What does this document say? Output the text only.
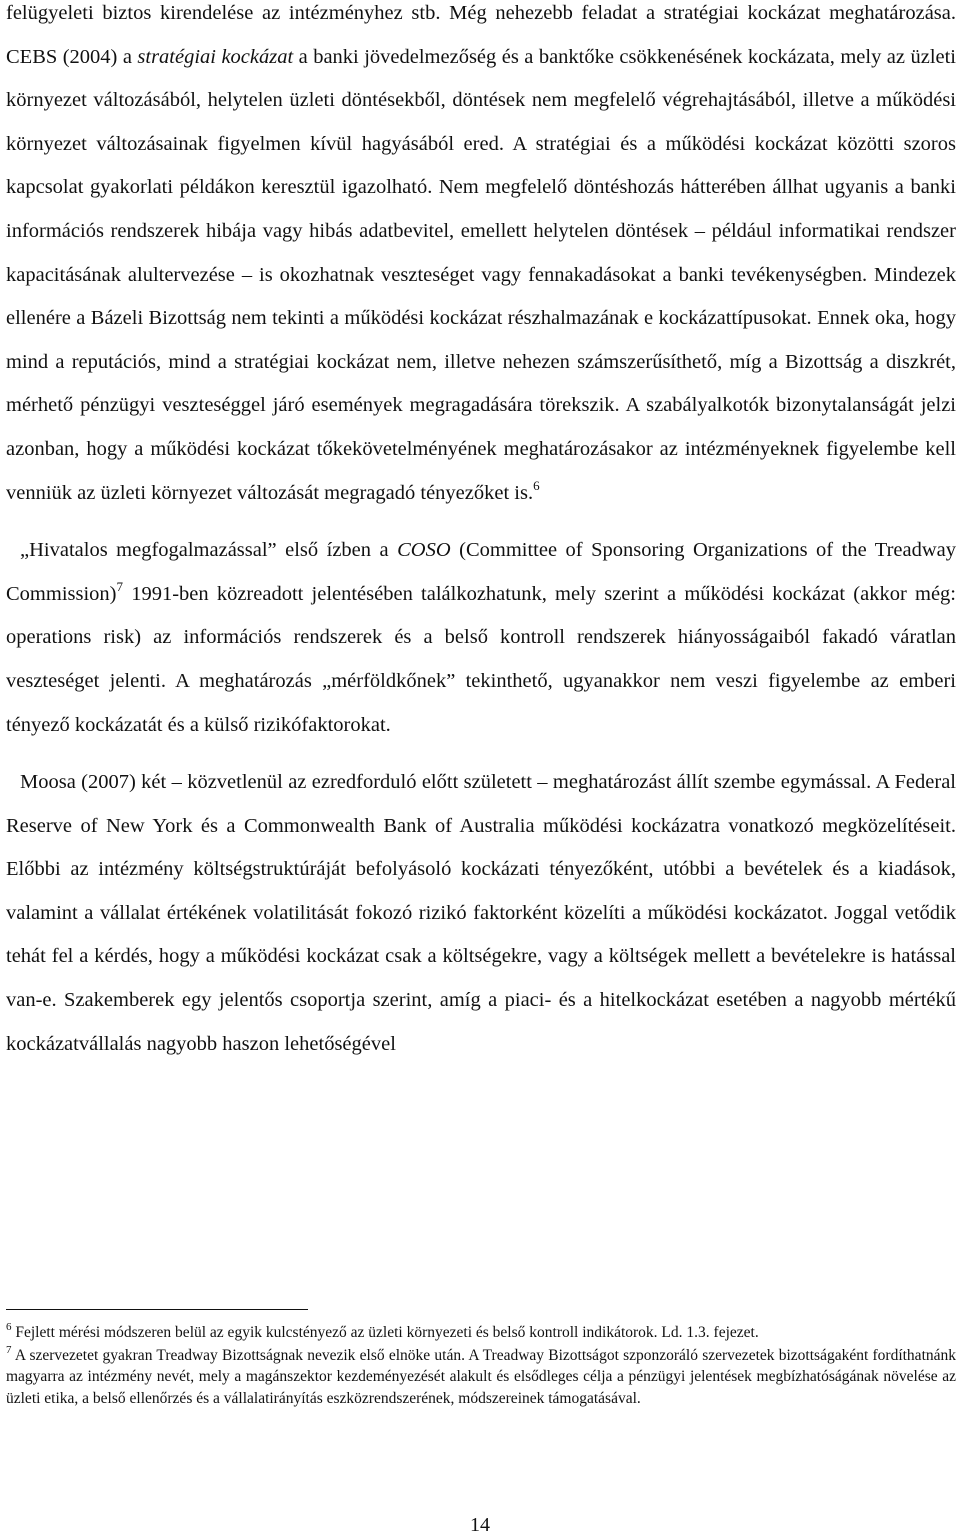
felügyeleti biztos kirendelése az intézményhez stb. Még nehezebb feladat a stratégiai kockázat meghatározása. CEBS (2004) a stratégiai kockázat a banki jövedelmezőség és a banktőke csökkenésének kockázata, mely az üzleti környezet változásából, helytelen üzleti döntésekből, döntések nem megfelelő végrehajtásából, illetve a működési környezet változásainak figyelmen kívül hagyásából ered. A stratégiai és a működési kockázat közötti szoros kapcsolat gyakorlati példákon keresztül igazolható. Nem megfelelő döntéshozás hátterében állhat ugyanis a banki információs rendszerek hibája vagy hibás adatbevitel, emellett helytelen döntések – például informatikai rendszer kapacitásának alultervezése – is okozhatnak veszteséget vagy fennakadásokat a banki tevékenységben. Mindezek ellenére a Bázeli Bizottság nem tekinti a működési kockázat részhalmazának e kockázattípusokat. Ennek oka, hogy mind a reputációs, mind a stratégiai kockázat nem, illetve nehezen számszerűsíthető, míg a Bizottság a diszkrét, mérhető pénzügyi veszteséggel járó események megragadására törekszik. A szabályalkotók bizonytalanságát jelzi azonban, hogy a működési kockázat tőkekövetelményének meghatározásakor az intézményeknek figyelembe kell venniük az üzleti környezet változását megragadó tényezőket is.$^6$

„Hivatalos megfogalmazással” első ízben a COSO (Committee of Sponsoring Organizations of the Treadway Commission)$^7$ 1991-ben közreadott jelentésében találkozhatunk, mely szerint a működési kockázat (akkor még: operations risk) az információs rendszerek és a belső kontroll rendszerek hiányosságaiból fakadó váratlan veszteséget jelenti. A meghatározás „mérföldkőnek” tekinthető, ugyanakkor nem veszi figyelembe az emberi tényező kockázatát és a külső rizikófaktorokat.

Moosa (2007) két – közvetlenül az ezredforduló előtt született – meghatározást állít szembe egymással. A Federal Reserve of New York és a Commonwealth Bank of Australia működési kockázatra vonatkozó megközelítéseit. Előbbi az intézmény költségstruktúráját befolyásoló kockázati tényezőként, utóbbi a bevételek és a kiadások, valamint a vállalat értékének volatilitását fokozó rizikó faktorként közelíti a működési kockázatot. Joggal vetődik tehát fel a kérdés, hogy a működési kockázat csak a költségekre, vagy a költségek mellett a bevételekre is hatással van-e. Szakemberek egy jelentős csoportja szerint, amíg a piaci- és a hitelkockázat esetében a nagyobb mértékű kockázatvállalás nagyobb haszon lehetőségével

$^6$ Fejlett mérési módszeren belül az egyik kulcstényező az üzleti környezeti és belső kontroll indikátorok. Ld. 1.3. fejezet.

$^7$ A szervezetet gyakran Treadway Bizottságnak nevezik első elnöke után. A Treadway Bizottságot szponzoráló szervezetek bizottságaként fordíthatnánk magyarra az intézmény nevét, mely a magánszektor kezdeményezését alakult és elsődleges célja a pénzügyi jelentések megbízhatóságának növelése az üzleti etika, a belső ellenőrzés és a vállalatirányítás eszközrendszerének, módszereinek támogatásával.

14
